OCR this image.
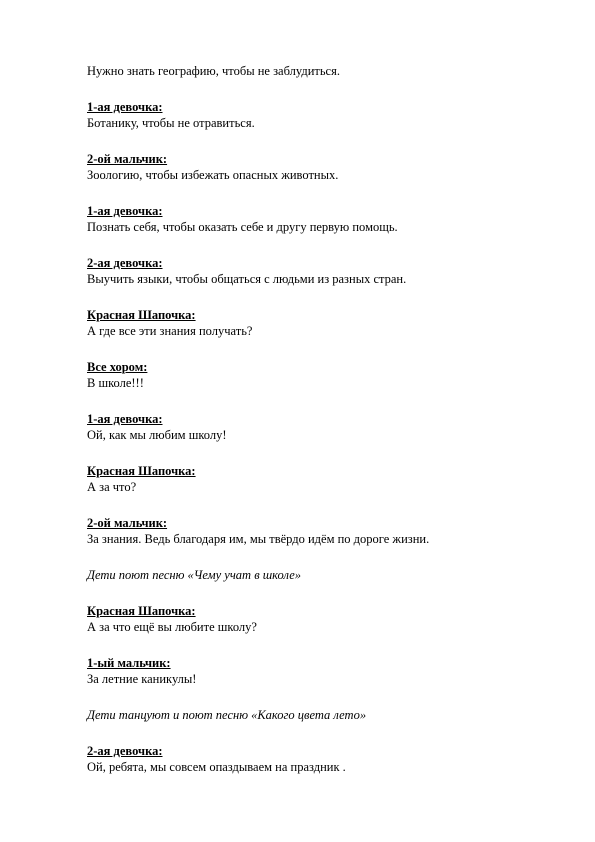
Нужно знать географию, чтобы не заблудиться.
1-ая девочка:
Ботанику, чтобы не отравиться.
2-ой мальчик:
Зоологию, чтобы избежать опасных животных.
1-ая девочка:
Познать себя, чтобы оказать себе и другу первую помощь.
2-ая девочка:
Выучить языки, чтобы общаться с людьми из разных стран.
Красная Шапочка:
А где все эти знания получать?
Все хором:
В школе!!!
1-ая девочка:
Ой, как мы любим школу!
Красная Шапочка:
А за что?
2-ой мальчик:
За знания. Ведь благодаря им, мы твёрдо идём по дороге жизни.
Дети поют песню «Чему учат в школе»
Красная Шапочка:
А за что ещё вы любите школу?
1-ый мальчик:
За летние каникулы!
Дети танцуют и поют песню «Какого цвета лето»
2-ая девочка:
Ой, ребята, мы совсем опаздываем на праздник .
